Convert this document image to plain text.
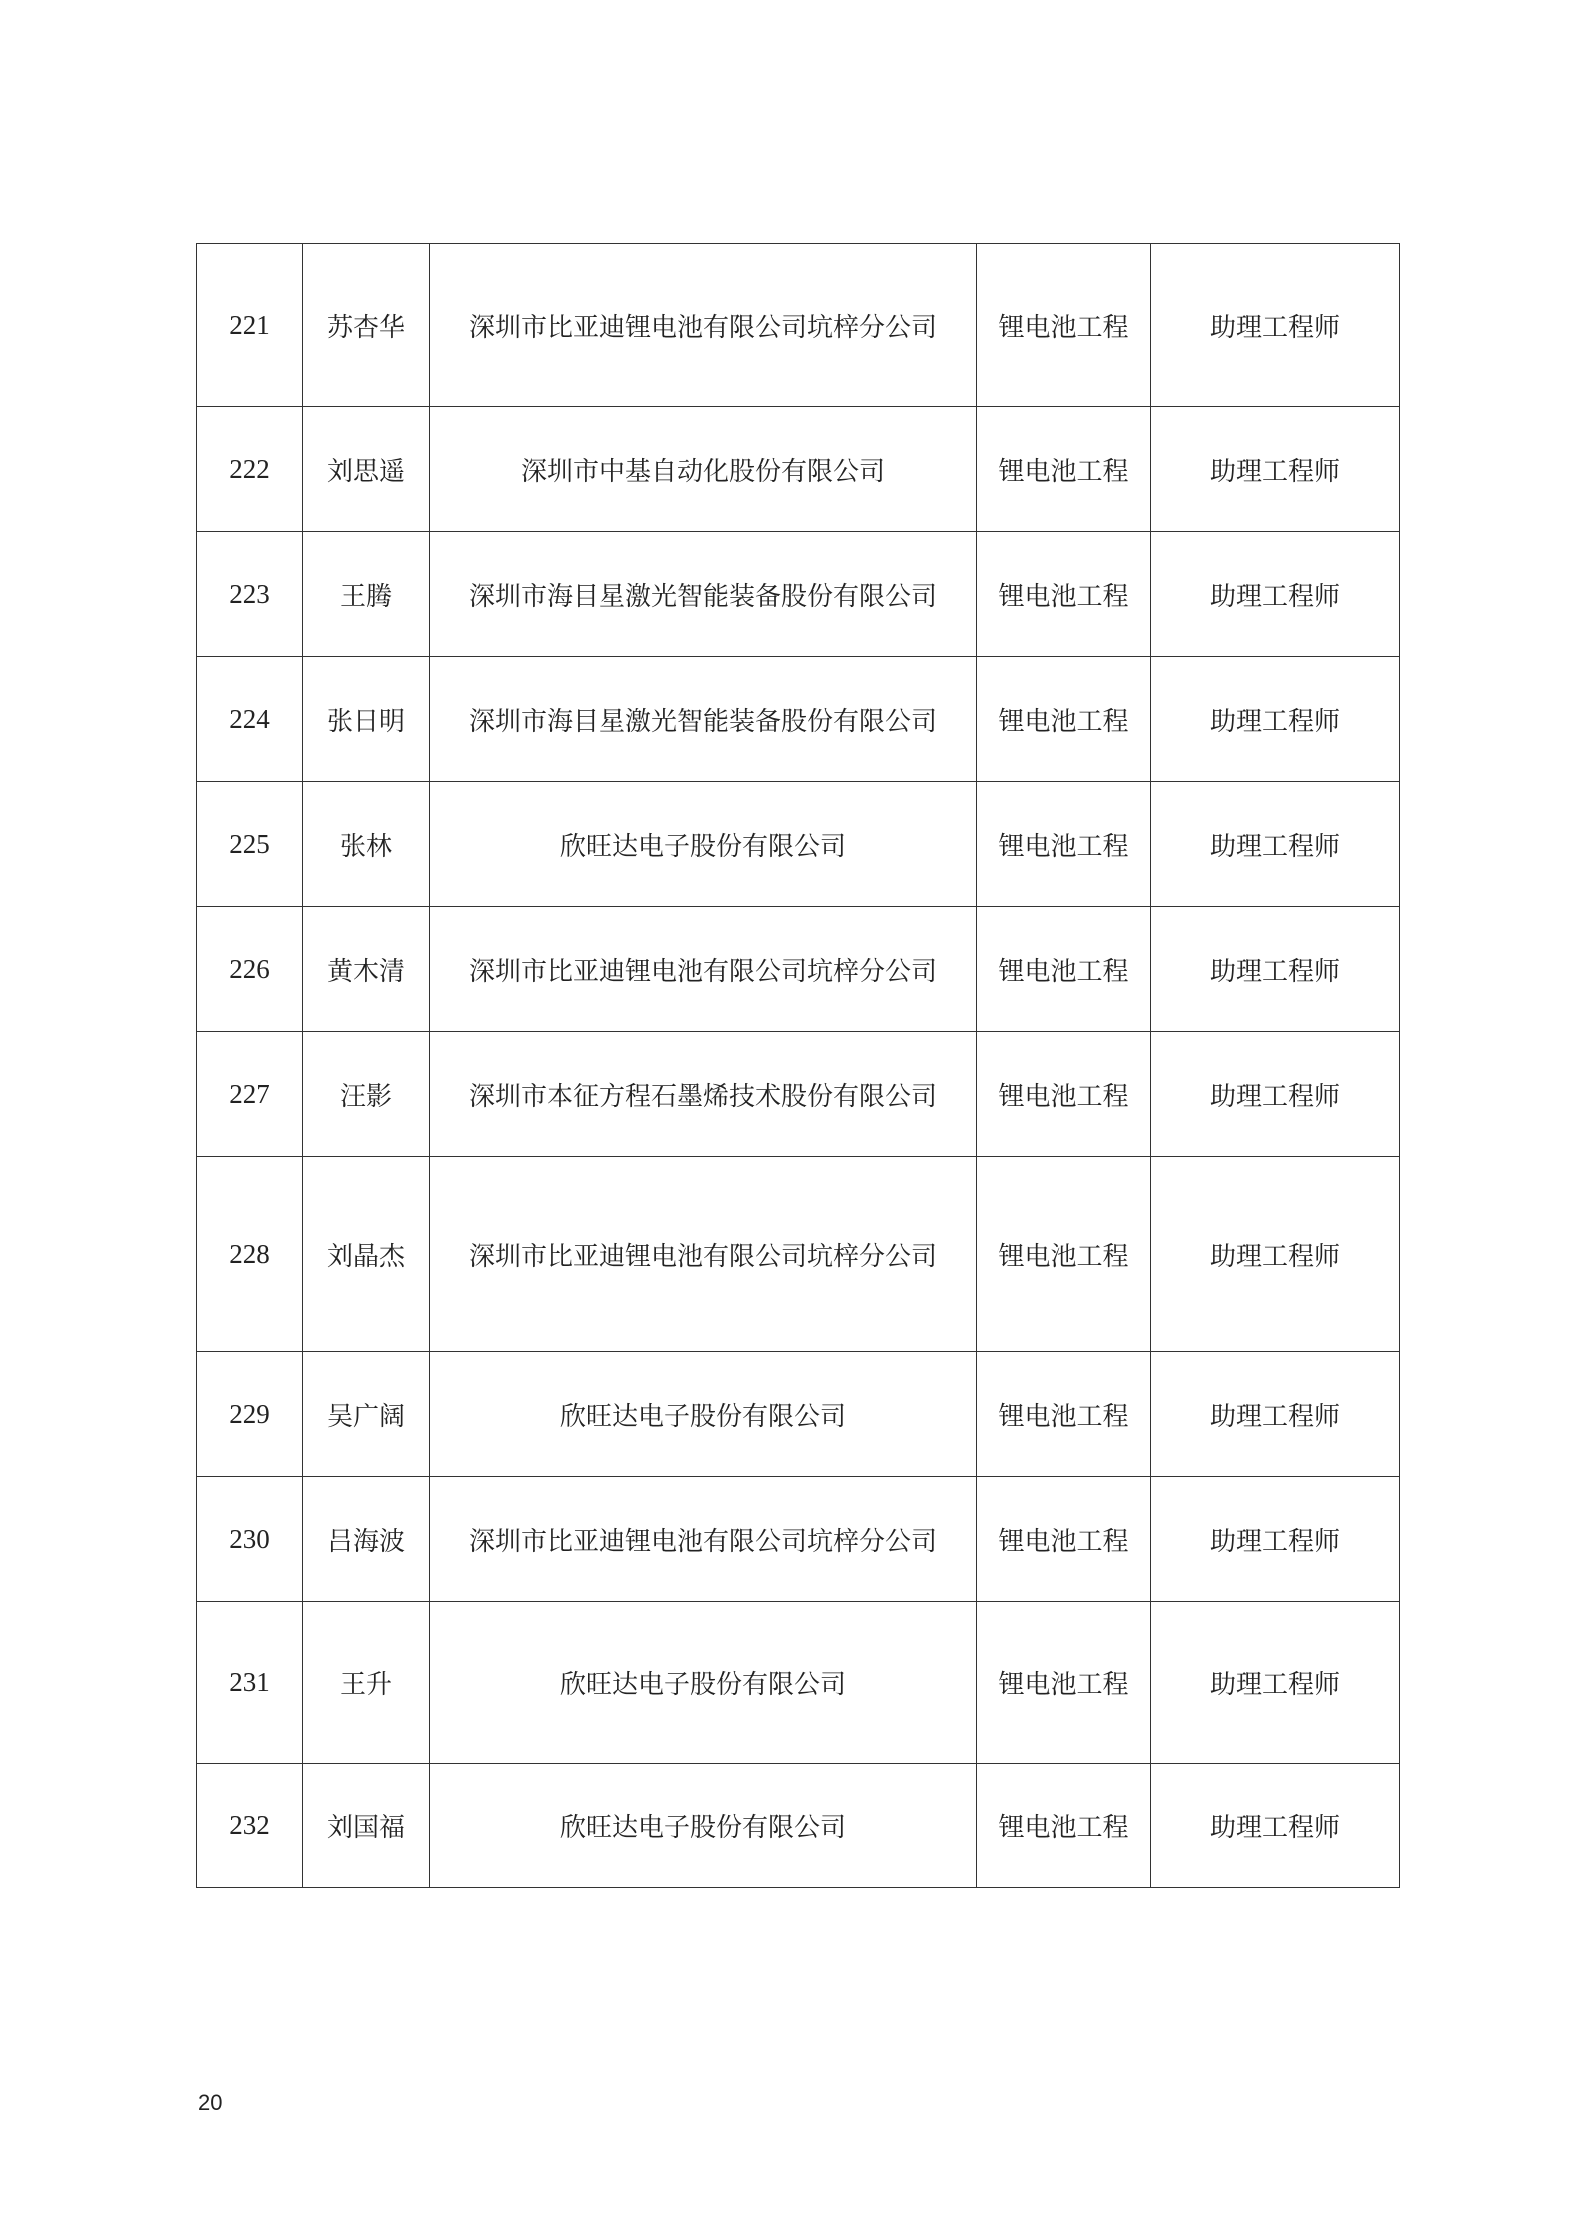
221	苏杏华	深圳市比亚迪锂电池有限公司坑梓分公司	锂电池工程	助理工程师
222	刘思遥	深圳市中基自动化股份有限公司	锂电池工程	助理工程师
223	王腾	深圳市海目星激光智能装备股份有限公司	锂电池工程	助理工程师
224	张日明	深圳市海目星激光智能装备股份有限公司	锂电池工程	助理工程师
225	张林	欣旺达电子股份有限公司	锂电池工程	助理工程师
226	黄木清	深圳市比亚迪锂电池有限公司坑梓分公司	锂电池工程	助理工程师
227	汪影	深圳市本征方程石墨烯技术股份有限公司	锂电池工程	助理工程师
228	刘晶杰	深圳市比亚迪锂电池有限公司坑梓分公司	锂电池工程	助理工程师
229	吴广阔	欣旺达电子股份有限公司	锂电池工程	助理工程师
230	吕海波	深圳市比亚迪锂电池有限公司坑梓分公司	锂电池工程	助理工程师
231	王升	欣旺达电子股份有限公司	锂电池工程	助理工程师
232	刘国福	欣旺达电子股份有限公司	锂电池工程	助理工程师
20
